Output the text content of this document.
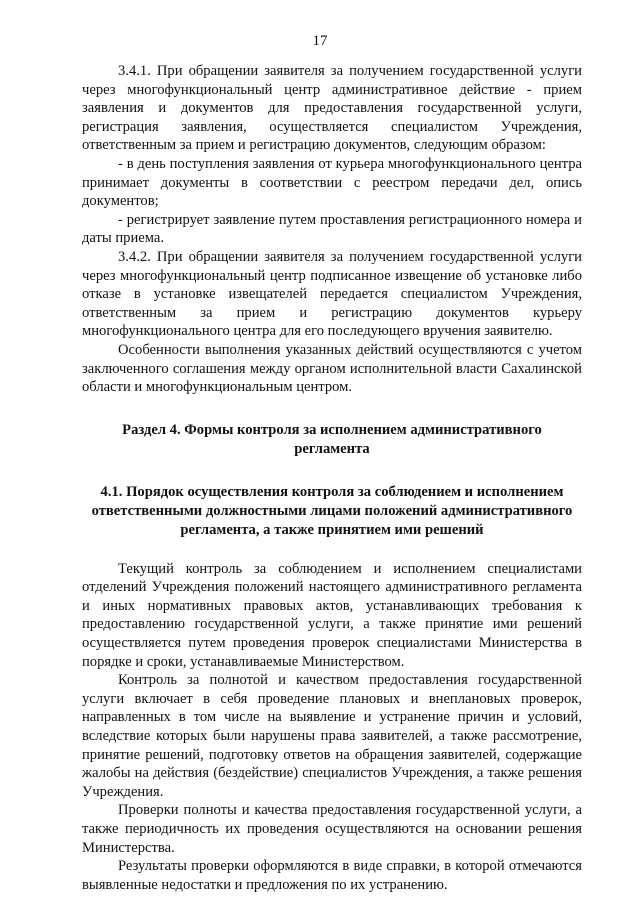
17

3.4.1. При обращении заявителя за получением государственной услуги через многофункциональный центр административное действие - прием заявления и документов для предоставления государственной услуги, регистрация заявления, осуществляется специалистом Учреждения, ответственным за прием и регистрацию документов, следующим образом:

- в день поступления заявления от курьера многофункционального центра принимает документы в соответствии с реестром передачи дел, опись документов;

- регистрирует заявление путем проставления регистрационного номера и даты приема.

3.4.2. При обращении заявителя за получением государственной услуги через многофункциональный центр подписанное извещение об установке либо отказе в установке извещателей передается специалистом Учреждения, ответственным за прием и регистрацию документов курьеру многофункционального центра для его последующего вручения заявителю.

Особенности выполнения указанных действий осуществляются с учетом заключенного соглашения между органом исполнительной власти Сахалинской области и многофункциональным центром.

Раздел 4. Формы контроля за исполнением административного регламента

4.1. Порядок осуществления контроля за соблюдением и исполнением ответственными должностными лицами положений административного регламента, а также принятием ими решений

Текущий контроль за соблюдением и исполнением специалистами отделений Учреждения положений настоящего административного регламента и иных нормативных правовых актов, устанавливающих требования к предоставлению государственной услуги, а также принятие ими решений осуществляется путем проведения проверок специалистами Министерства в порядке и сроки, устанавливаемые Министерством.

Контроль за полнотой и качеством предоставления государственной услуги включает в себя проведение плановых и внеплановых проверок, направленных в том числе на выявление и устранение причин и условий, вследствие которых были нарушены права заявителей, а также рассмотрение, принятие решений, подготовку ответов на обращения заявителей, содержащие жалобы на действия (бездействие) специалистов Учреждения, а также решения Учреждения.

Проверки полноты и качества предоставления государственной услуги, а также периодичность их проведения осуществляются на основании решения Министерства.

Результаты проверки оформляются в виде справки, в которой отмечаются выявленные недостатки и предложения по их устранению.
